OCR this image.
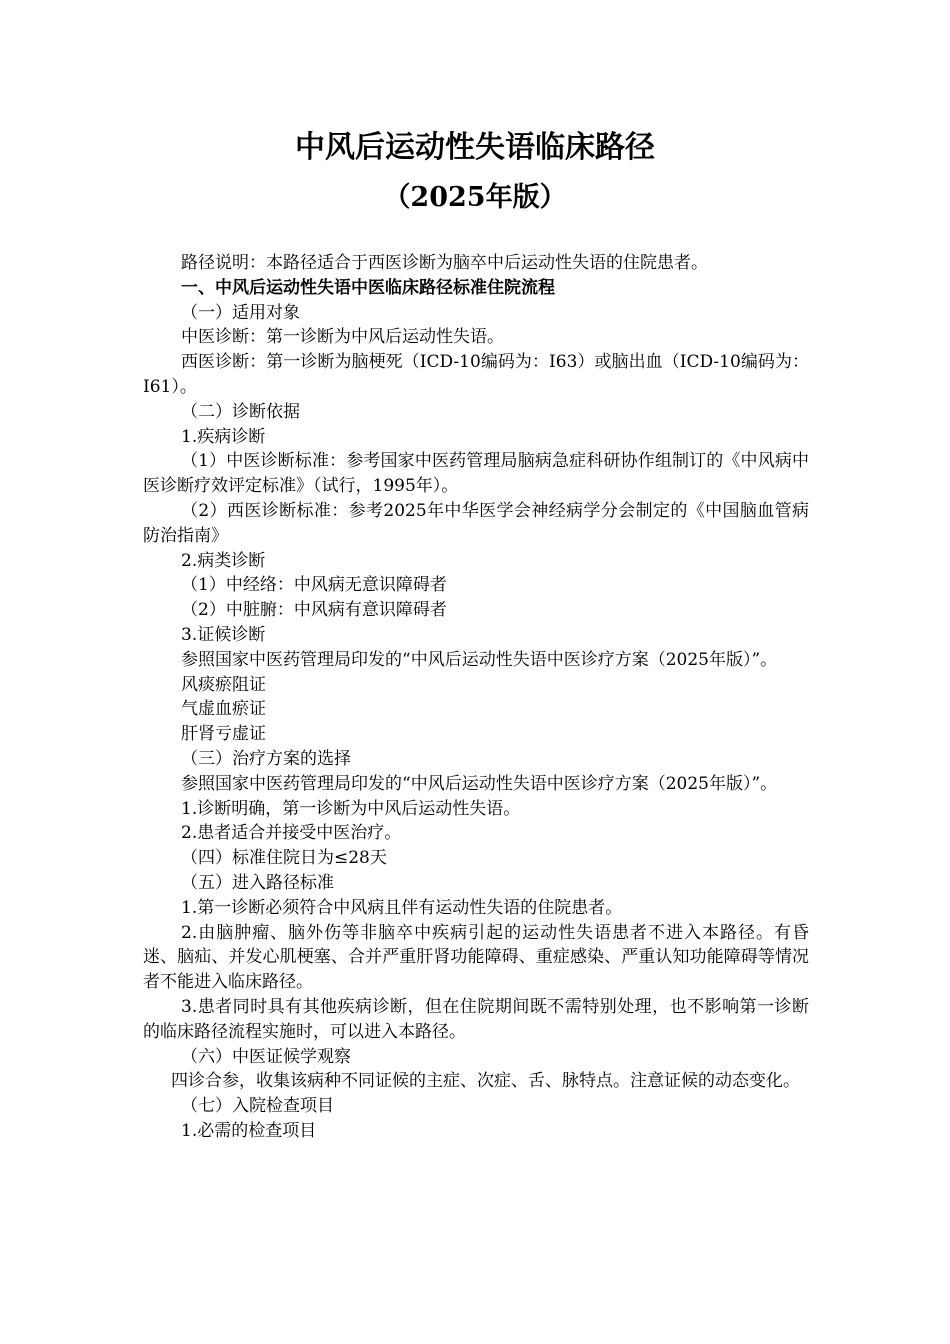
中风后运动性失语临床路径
（2025年版）

路径说明：本路径适合于西医诊断为脑卒中后运动性失语的住院患者。

一、中风后运动性失语中医临床路径标准住院流程

（一）适用对象

中医诊断：第一诊断为中风后运动性失语。

西医诊断：第一诊断为脑梗死（ICD-10编码为：I63）或脑出血（ICD-10编码为：I61）。

（二）诊断依据

1.疾病诊断

（1）中医诊断标准：参考国家中医药管理局脑病急症科研协作组制订的《中风病中医诊断疗效评定标准》（试行，1995年）。

（2）西医诊断标准：参考2025年中华医学会神经病学分会制定的《中国脑血管病防治指南》

2.病类诊断

（1）中经络：中风病无意识障碍者

（2）中脏腑：中风病有意识障碍者

3.证候诊断

参照国家中医药管理局印发的“中风后运动性失语中医诊疗方案（2025年版）”。

风痰瘀阻证

气虚血瘀证

肝肾亏虚证

（三）治疗方案的选择

参照国家中医药管理局印发的“中风后运动性失语中医诊疗方案（2025年版）”。

1.诊断明确，第一诊断为中风后运动性失语。

2.患者适合并接受中医治疗。

（四）标准住院日为≤28天

（五）进入路径标准

1.第一诊断必须符合中风病且伴有运动性失语的住院患者。

2.由脑肿瘤、脑外伤等非脑卒中疾病引起的运动性失语患者不进入本路径。有昏迷、脑疝、并发心肌梗塞、合并严重肝肾功能障碍、重症感染、严重认知功能障碍等情况者不能进入临床路径。

3.患者同时具有其他疾病诊断，但在住院期间既不需特别处理，也不影响第一诊断的临床路径流程实施时，可以进入本路径。

（六）中医证候学观察

四诊合参，收集该病种不同证候的主症、次症、舌、脉特点。注意证候的动态变化。

（七）入院检查项目

1.必需的检查项目
